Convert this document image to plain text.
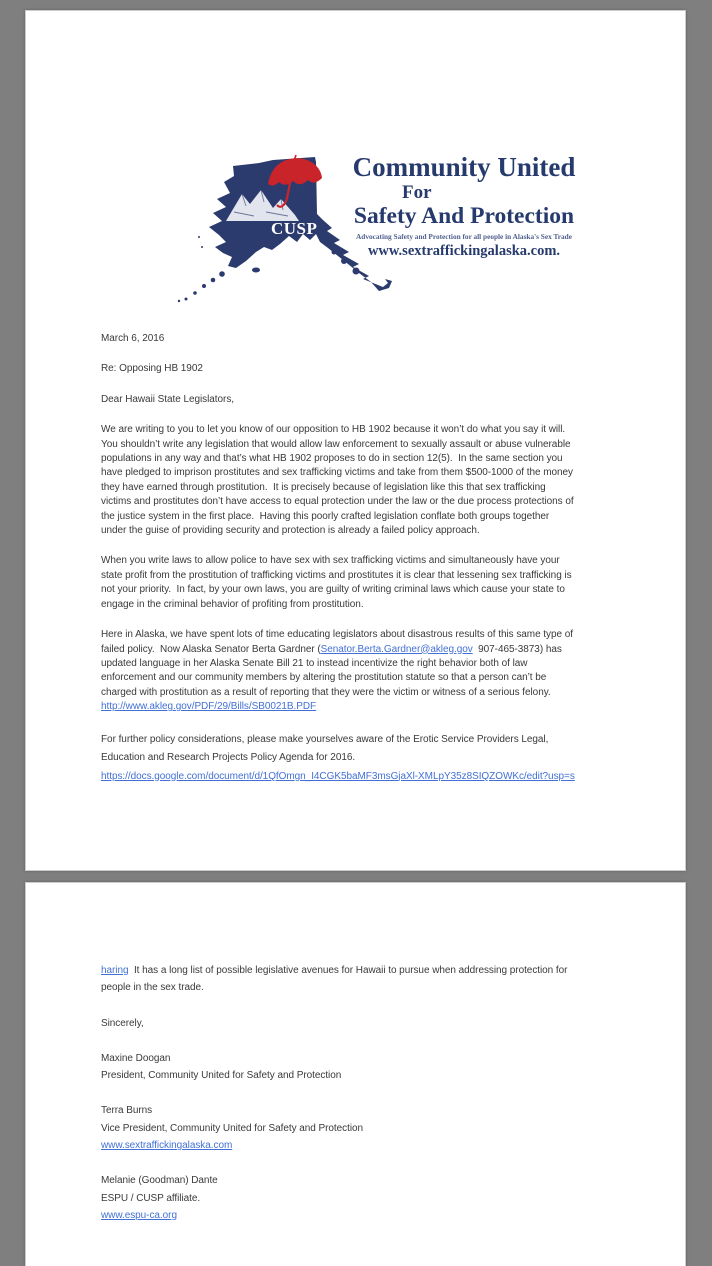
CUSP
Community United
For
Safety And Protection
Advocating Safety and Protection for all people in Alaska's Sex Trade
www.sextraffickingalaska.com.
March 6, 2016
Re: Opposing HB 1902
Dear Hawaii State Legislators,
We are writing to you to let you know of our opposition to HB 1902 because it won’t do what you say it will.
You shouldn’t write any legislation that would allow law enforcement to sexually assault or abuse vulnerable
populations in any way and that’s what HB 1902 proposes to do in section 12(5).  In the same section you
have pledged to imprison prostitutes and sex trafficking victims and take from them $500-1000 of the money
they have earned through prostitution.  It is precisely because of legislation like this that sex trafficking
victims and prostitutes don’t have access to equal protection under the law or the due process protections of
the justice system in the first place.  Having this poorly crafted legislation conflate both groups together
under the guise of providing security and protection is already a failed policy approach.
When you write laws to allow police to have sex with sex trafficking victims and simultaneously have your
state profit from the prostitution of trafficking victims and prostitutes it is clear that lessening sex trafficking is
not your priority.  In fact, by your own laws, you are guilty of writing criminal laws which cause your state to
engage in the criminal behavior of profiting from prostitution.
Here in Alaska, we have spent lots of time educating legislators about disastrous results of this same type of
failed policy.  Now Alaska Senator Berta Gardner (Senator.Berta.Gardner@akleg.gov  907-465-3873) has
updated language in her Alaska Senate Bill 21 to instead incentivize the right behavior both of law
enforcement and our community members by altering the prostitution statute so that a person can’t be
charged with prostitution as a result of reporting that they were the victim or witness of a serious felony.
http://www.akleg.gov/PDF/29/Bills/SB0021B.PDF
For further policy considerations, please make yourselves aware of the Erotic Service Providers Legal,
Education and Research Projects Policy Agenda for 2016.
https://docs.google.com/document/d/1QfOmgn_I4CGK5baMF3msGjaXl-XMLpY35z8SIQZOWKc/edit?usp=s
haring  It has a long list of possible legislative avenues for Hawaii to pursue when addressing protection for
people in the sex trade.
Sincerely,
Maxine Doogan
President, Community United for Safety and Protection
Terra Burns
Vice President, Community United for Safety and Protection
www.sextraffickingalaska.com
Melanie (Goodman) Dante
ESPU / CUSP affiliate.
www.espu-ca.org
